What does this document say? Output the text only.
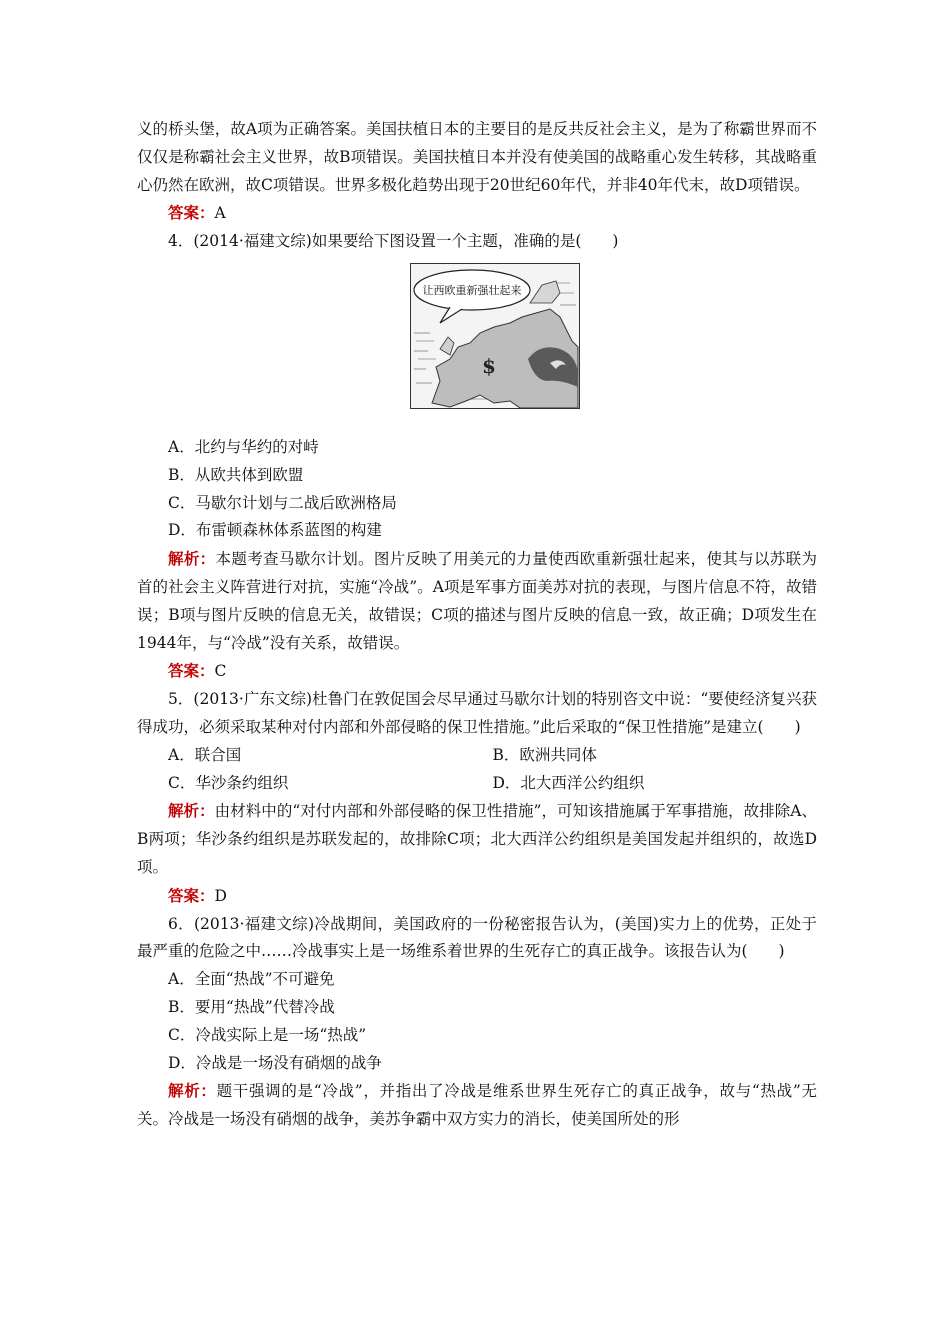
义的桥头堡，故A项为正确答案。美国扶植日本的主要目的是反共反社会主义，是为了称霸世界而不仅仅是称霸社会主义世界，故B项错误。美国扶植日本并没有使美国的战略重心发生转移，其战略重心仍然在欧洲，故C项错误。世界多极化趋势出现于20世纪60年代，并非40年代末，故D项错误。

答案：A

4．(2014·福建文综)如果要给下图设置一个主题，准确的是(　　)

让西欧重新强壮起来
$

A．北约与华约的对峙

B．从欧共体到欧盟

C．马歇尔计划与二战后欧洲格局

D．布雷顿森林体系蓝图的构建

解析：本题考查马歇尔计划。图片反映了用美元的力量使西欧重新强壮起来，使其与以苏联为首的社会主义阵营进行对抗，实施“冷战”。A项是军事方面美苏对抗的表现，与图片信息不符，故错误；B项与图片反映的信息无关，故错误；C项的描述与图片反映的信息一致，故正确；D项发生在1944年，与“冷战”没有关系，故错误。

答案：C

5．(2013·广东文综)杜鲁门在敦促国会尽早通过马歇尔计划的特别咨文中说：“要使经济复兴获得成功，必须采取某种对付内部和外部侵略的保卫性措施。”此后采取的“保卫性措施”是建立(　　)

A．联合国	B．欧洲共同体
C．华沙条约组织	D．北大西洋公约组织

解析：由材料中的“对付内部和外部侵略的保卫性措施”，可知该措施属于军事措施，故排除A、B两项；华沙条约组织是苏联发起的，故排除C项；北大西洋公约组织是美国发起并组织的，故选D项。

答案：D

6．(2013·福建文综)冷战期间，美国政府的一份秘密报告认为，(美国)实力上的优势，正处于最严重的危险之中……冷战事实上是一场维系着世界的生死存亡的真正战争。该报告认为(　　)

A．全面“热战”不可避免

B．要用“热战”代替冷战

C．冷战实际上是一场“热战”

D．冷战是一场没有硝烟的战争

解析：题干强调的是“冷战”，并指出了冷战是维系世界生死存亡的真正战争，故与“热战”无关。冷战是一场没有硝烟的战争，美苏争霸中双方实力的消长，使美国所处的形
